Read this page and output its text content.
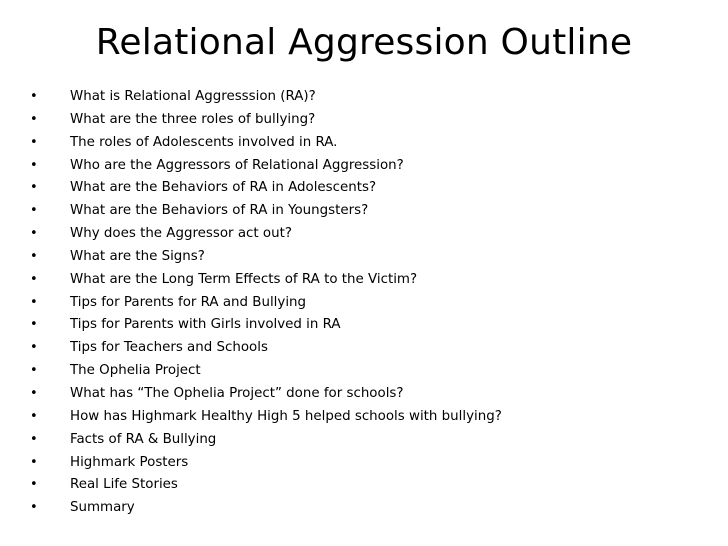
Relational Aggression Outline
•	What is Relational Aggresssion (RA)?
•	What are the three roles of bullying?
•	The roles of Adolescents involved in RA.
•	Who are the Aggressors of Relational Aggression?
•	What are the Behaviors of RA in Adolescents?
•	What are the Behaviors of RA in Youngsters?
•	Why does the Aggressor act out?
•	What are the Signs?
•	What are the Long Term Effects of RA to the Victim?
•	Tips for Parents for RA and Bullying
•	Tips for Parents with Girls involved in RA
•	Tips for Teachers and Schools
•	The Ophelia Project
•	What has “The Ophelia Project” done for schools?
•	How has Highmark Healthy High 5 helped schools with bullying?
•	Facts of RA & Bullying
•	Highmark Posters
•	Real Life Stories
•	Summary
